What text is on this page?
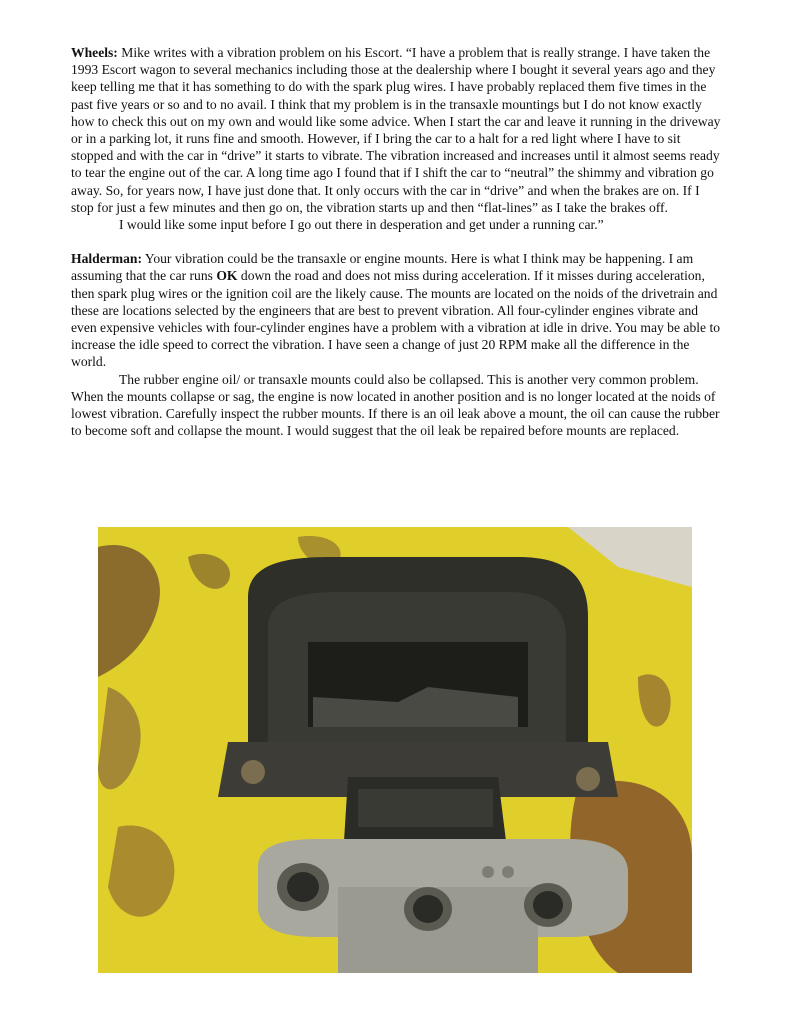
Wheels: Mike writes with a vibration problem on his Escort. “I have a problem that is really strange. I have taken the 1993 Escort wagon to several mechanics including those at the dealership where I bought it several years ago and they keep telling me that it has something to do with the spark plug wires. I have probably replaced them five times in the past five years or so and to no avail. I think that my problem is in the transaxle mountings but I do not know exactly how to check this out on my own and would like some advice. When I start the car and leave it running in the driveway or in a parking lot, it runs fine and smooth. However, if I bring the car to a halt for a red light where I have to sit stopped and with the car in “drive” it starts to vibrate. The vibration increased and increases until it almost seems ready to tear the engine out of the car. A long time ago I found that if I shift the car to “neutral” the shimmy and vibration go away. So, for years now, I have just done that. It only occurs with the car in “drive” and when the brakes are on. If I stop for just a few minutes and then go on, the vibration starts up and then “flat-lines” as I take the brakes off.

I would like some input before I go out there in desperation and get under a running car.”

Halderman: Your vibration could be the transaxle or engine mounts. Here is what I think may be happening. I am assuming that the car runs OK down the road and does not miss during acceleration. If it misses during acceleration, then spark plug wires or the ignition coil are the likely cause. The mounts are located on the noids of the drivetrain and these are locations selected by the engineers that are best to prevent vibration. All four-cylinder engines vibrate and even expensive vehicles with four-cylinder engines have a problem with a vibration at idle in drive. You may be able to increase the idle speed to correct the vibration. I have seen a change of just 20 RPM make all the difference in the world.

The rubber engine oil/ or transaxle mounts could also be collapsed. This is another very common problem. When the mounts collapse or sag, the engine is now located in another position and is no longer located at the noids of lowest vibration. Carefully inspect the rubber mounts. If there is an oil leak above a mount, the oil can cause the rubber to become soft and collapse the mount. I would suggest that the oil leak be repaired before mounts are replaced.
